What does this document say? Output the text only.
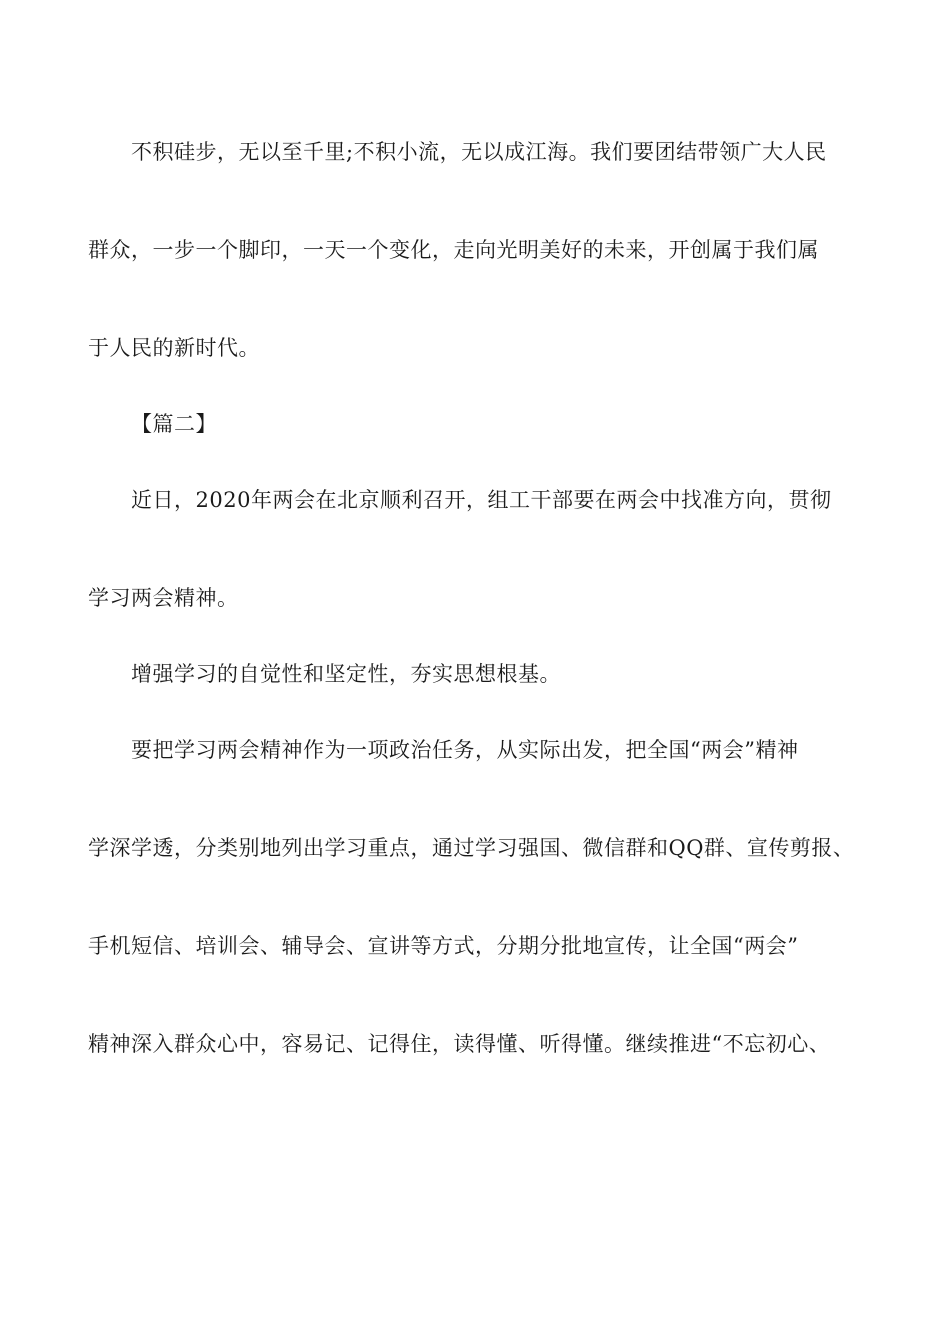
不积硅步，无以至千里;不积小流，无以成江海。我们要团结带领广大人民
群众，一步一个脚印，一天一个变化，走向光明美好的未来，开创属于我们属
于人民的新时代。
【篇二】
近日，2020年两会在北京顺利召开，组工干部要在两会中找准方向，贯彻
学习两会精神。
增强学习的自觉性和坚定性，夯实思想根基。
要把学习两会精神作为一项政治任务，从实际出发，把全国“两会”精神
学深学透，分类别地列出学习重点，通过学习强国、微信群和QQ群、宣传剪报、
手机短信、培训会、辅导会、宣讲等方式，分期分批地宣传，让全国“两会”
精神深入群众心中，容易记、记得住，读得懂、听得懂。继续推进“不忘初心、
